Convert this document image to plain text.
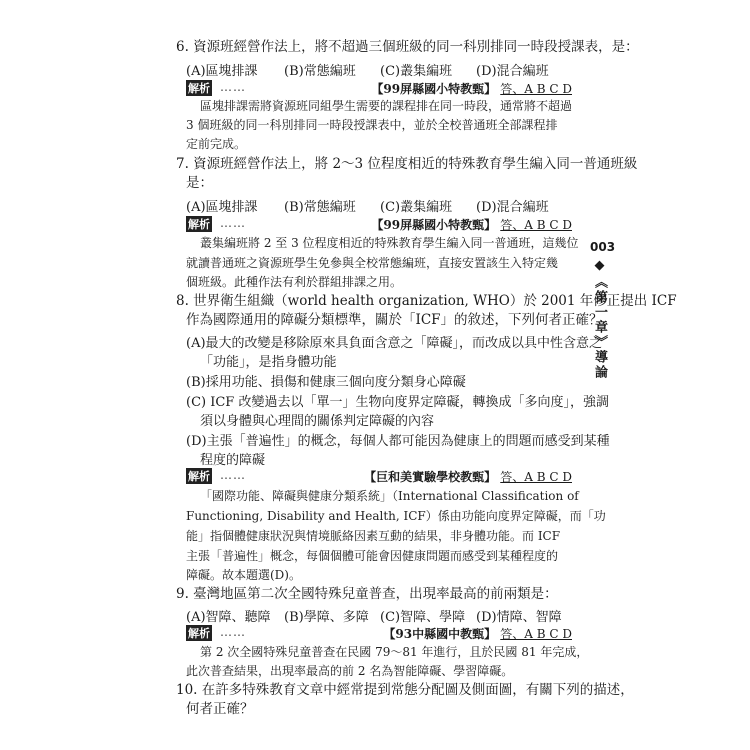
003
◆《第一章》導論
6. 資源班經營作法上，將不超過三個班級的同一科別排同一時段授課表，是：
(A)區塊排課 (B)常態編班 (C)叢集編班 (D)混合編班
解析 ……	【99屏縣國小特教甄】 答、A B C D
區塊排課需將資源班同組學生需要的課程排在同一時段，通常將不超過
3 個班級的同一科別排同一時段授課表中，並於全校普通班全部課程排
定前完成。
7. 資源班經營作法上，將 2～3 位程度相近的特殊教育學生編入同一普通班級
是：
(A)區塊排課 (B)常態編班 (C)叢集編班 (D)混合編班
解析 ……	【99屏縣國小特教甄】 答、A B C D
叢集編班將 2 至 3 位程度相近的特殊教育學生編入同一普通班，這幾位
就讀普通班之資源班學生免參與全校常態編班，直接安置該生入特定幾
個班級。此種作法有利於群組排課之用。
8. 世界衛生組織（world health organization, WHO）於 2001 年修正提出 ICF
作為國際通用的障礙分類標準，關於「ICF」的敘述，下列何者正確？
(A)最大的改變是移除原來具負面含意之「障礙」，而改成以具中性含意之
「功能」，是指身體功能
(B)採用功能、損傷和健康三個向度分類身心障礙
(C) ICF 改變過去以「單一」生物向度界定障礙，轉換成「多向度」，強調
須以身體與心理間的關係判定障礙的內容
(D)主張「普遍性」的概念，每個人都可能因為健康上的問題而感受到某種
程度的障礙
解析 ……	【巨和美實驗學校教甄】 答、A B C D
「國際功能、障礙與健康分類系統」（International Classification of
Functioning, Disability and Health, ICF）係由功能向度界定障礙，而「功
能」指個體健康狀況與情境脈絡因素互動的結果，非身體功能。而 ICF
主張「普遍性」概念，每個個體可能會因健康問題而感受到某種程度的
障礙。故本題選(D)。
9. 臺灣地區第二次全國特殊兒童普查，出現率最高的前兩類是：
(A)智障、聽障 (B)學障、多障 (C)智障、學障 (D)情障、智障
解析 ……	【93中縣國中教甄】 答、A B C D
第 2 次全國特殊兒童普查在民國 79～81 年進行，且於民國 81 年完成，
此次普查結果，出現率最高的前 2 名為智能障礙、學習障礙。
10. 在許多特殊教育文章中經常提到常態分配圖及側面圖，有關下列的描述，
何者正確？
